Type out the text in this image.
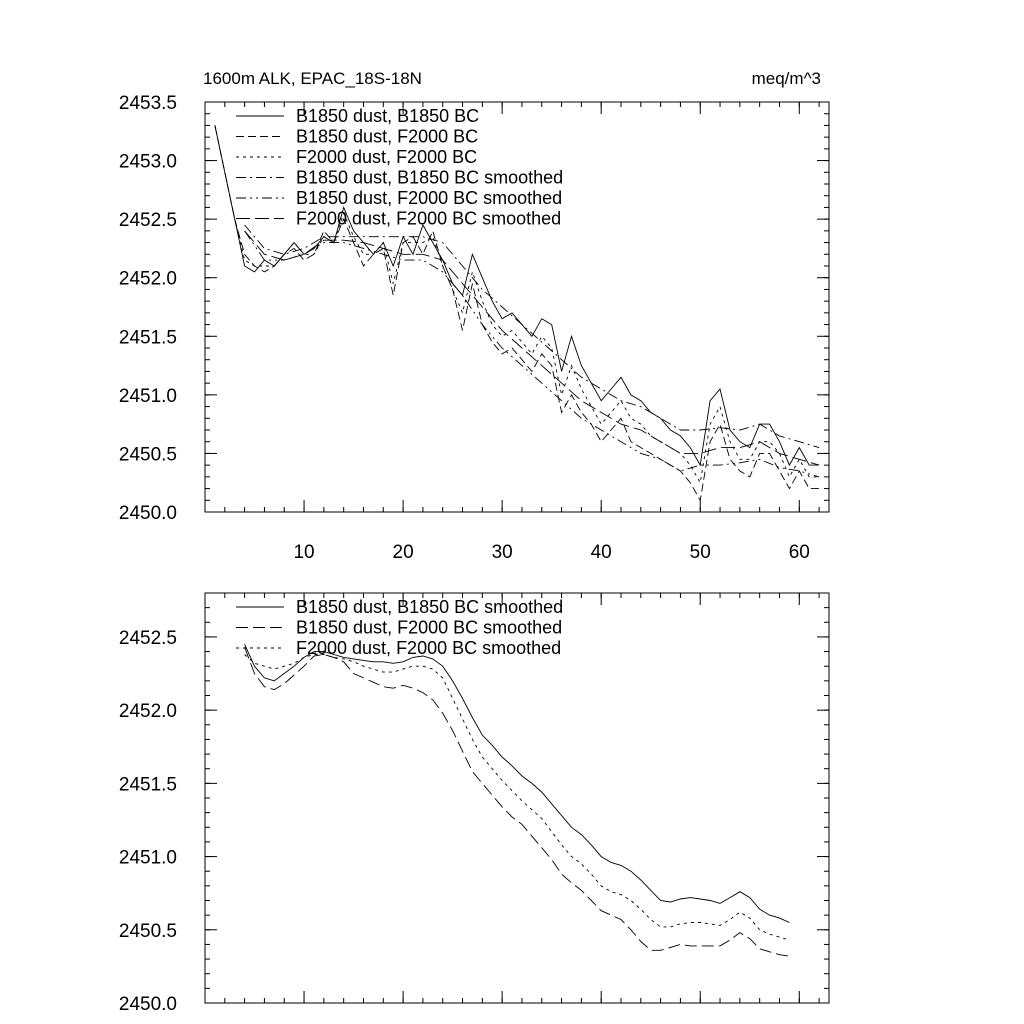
1600m ALK, EPAC_18S-18N	meq/m^3
2450.0
2450.5
2451.0
2451.5
2452.0
2452.5
2453.0
2453.5
10	20	30	40	50	60
B1850 dust, B1850 BC
B1850 dust, F2000 BC
F2000 dust, F2000 BC
B1850 dust, B1850 BC smoothed
B1850 dust, F2000 BC smoothed
F2000 dust, F2000 BC smoothed
2450.0
2450.5
2451.0
2451.5
2452.0
2452.5
B1850 dust, B1850 BC smoothed
B1850 dust, F2000 BC smoothed
F2000 dust, F2000 BC smoothed
